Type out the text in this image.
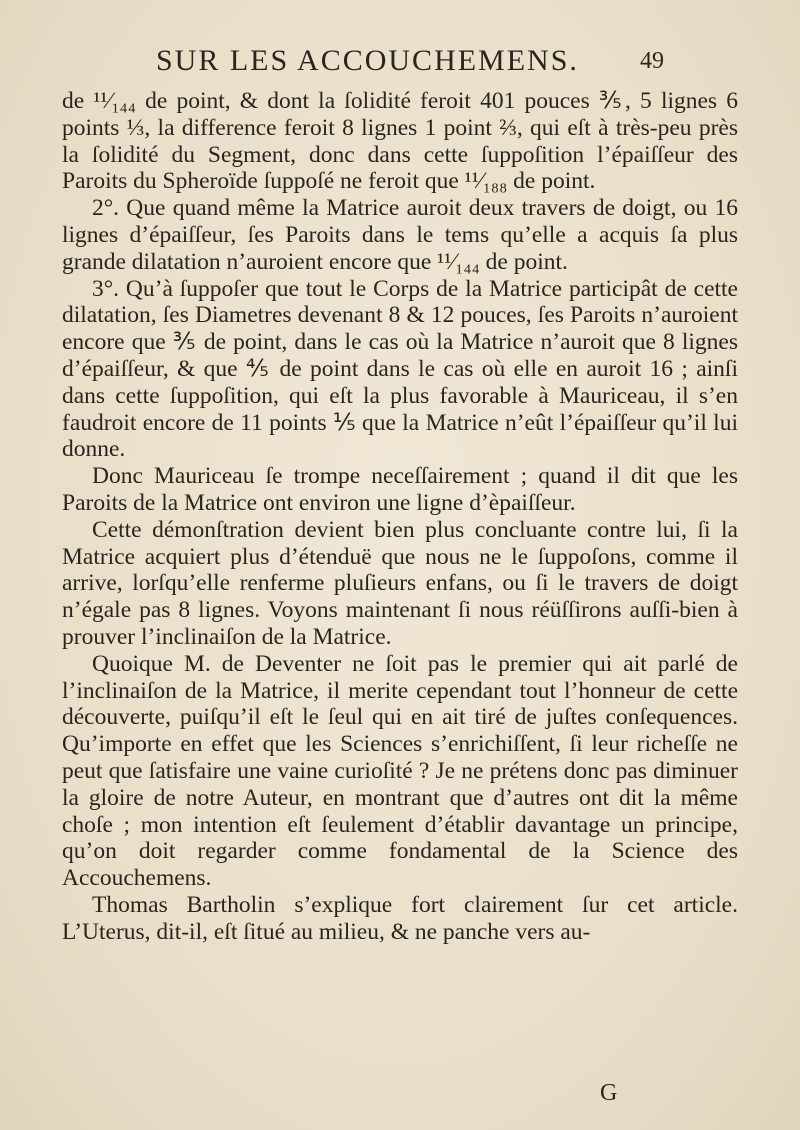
SUR LES ACCOUCHEMENS.	49

de ¹¹⁄₁₄₄ de point, & dont la ſolidité feroit 401 pouces ⅗, 5 lignes 6 points ⅓, la difference feroit 8 lignes 1 point ⅔, qui eſt à très-peu près la ſolidité du Segment, donc dans cette ſuppoſition l’épaiſſeur des Paroits du Spheroïde ſuppoſé ne feroit que ¹¹⁄₁₈₈ de point.

2°. Que quand même la Matrice auroit deux travers de doigt, ou 16 lignes d’épaiſſeur, ſes Paroits dans le tems qu’elle a acquis ſa plus grande dilatation n’auroient encore que ¹¹⁄₁₄₄ de point.

3°. Qu’à ſuppoſer que tout le Corps de la Matrice participât de cette dilatation, ſes Diametres devenant 8 & 12 pouces, ſes Paroits n’auroient encore que ⅗ de point, dans le cas où la Matrice n’auroit que 8 lignes d’épaiſſeur, & que ⅘ de point dans le cas où elle en auroit 16 ; ainſi dans cette ſuppoſition, qui eſt la plus favorable à Mauriceau, il s’en faudroit encore de 11 points ⅕ que la Matrice n’eût l’épaiſſeur qu’il lui donne.

Donc Mauriceau ſe trompe neceſſairement ; quand il dit que les Paroits de la Matrice ont environ une ligne d’èpaiſſeur.

Cette démonſtration devient bien plus concluante contre lui, ſi la Matrice acquiert plus d’étenduë que nous ne le ſuppoſons, comme il arrive, lorſqu’elle renferme pluſieurs enfans, ou ſi le travers de doigt n’égale pas 8 lignes. Voyons maintenant ſi nous réüſſirons auſſi-bien à prouver l’inclinaiſon de la Matrice.

Quoique M. de Deventer ne ſoit pas le premier qui ait parlé de l’inclinaiſon de la Matrice, il merite cependant tout l’honneur de cette découverte, puiſqu’il eſt le ſeul qui en ait tiré de juſtes conſequences. Qu’importe en effet que les Sciences s’enrichiſſent, ſi leur richeſſe ne peut que ſatisfaire une vaine curioſité ? Je ne prétens donc pas diminuer la gloire de notre Auteur, en montrant que d’autres ont dit la même choſe ; mon intention eſt ſeulement d’établir davantage un principe, qu’on doit regarder comme fondamental de la Science des Accouchemens.

Thomas Bartholin s’explique fort clairement ſur cet article. L’Uterus, dit-il, eſt ſitué au milieu, & ne panche vers au-

G
